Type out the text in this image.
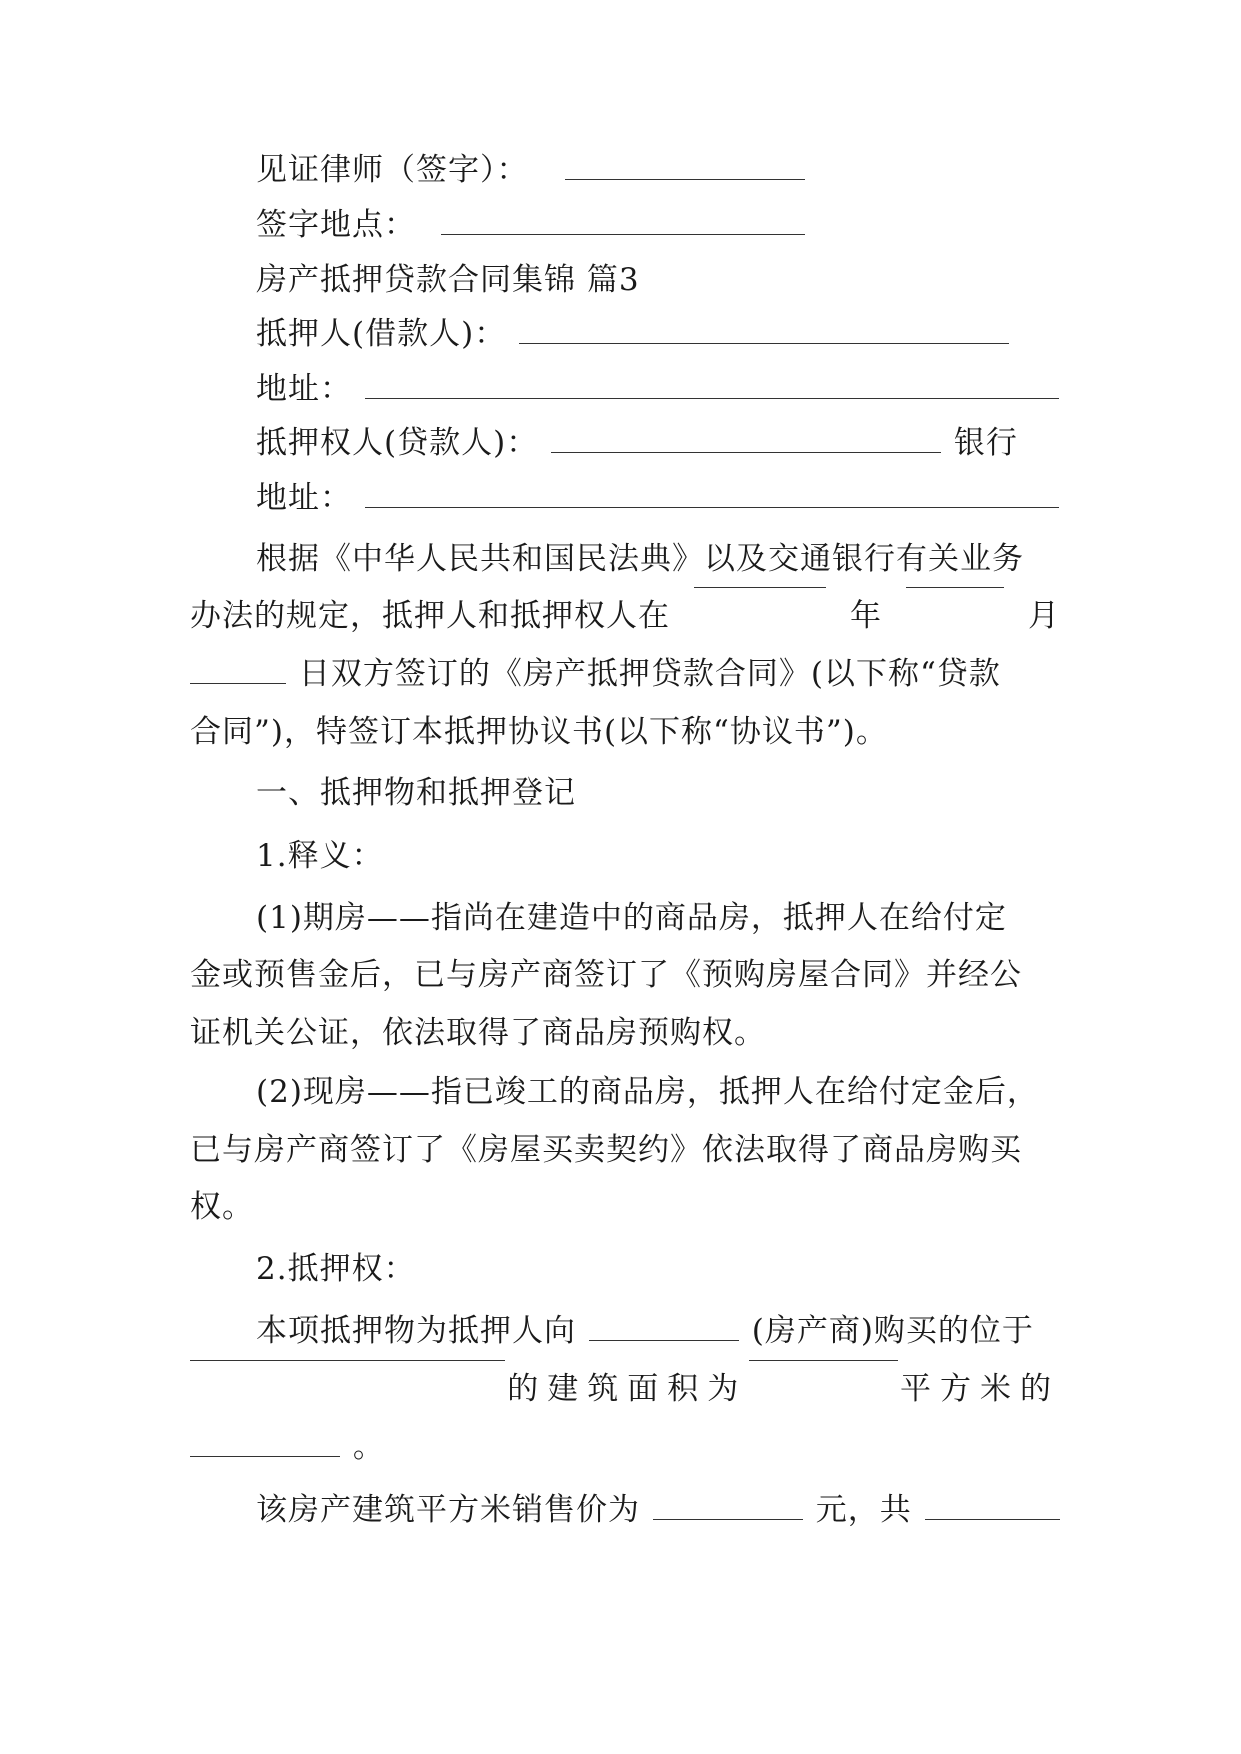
见证律师（签字）：
签字地点：
房产抵押贷款合同集锦 篇3
抵押人(借款人)：
地址：
抵押权人(贷款人)：	银行
地址：
根据《中华人民共和国民法典》以及交通银行有关业务
办法的规定，抵押人和抵押权人在	年	月
日双方签订的《房产抵押贷款合同》(以下称“贷款
合同”)，特签订本抵押协议书(以下称“协议书”)。
一、抵押物和抵押登记
1.释义：
(1)期房——指尚在建造中的商品房，抵押人在给付定
金或预售金后，已与房产商签订了《预购房屋合同》并经公
证机关公证，依法取得了商品房预购权。
(2)现房——指已竣工的商品房，抵押人在给付定金后，
已与房产商签订了《房屋买卖契约》依法取得了商品房购买
权。
2.抵押权：
本项抵押物为抵押人向	(房产商)购买的位于
的建筑面积为	平方米的
。
该房产建筑平方米销售价为	元，共
